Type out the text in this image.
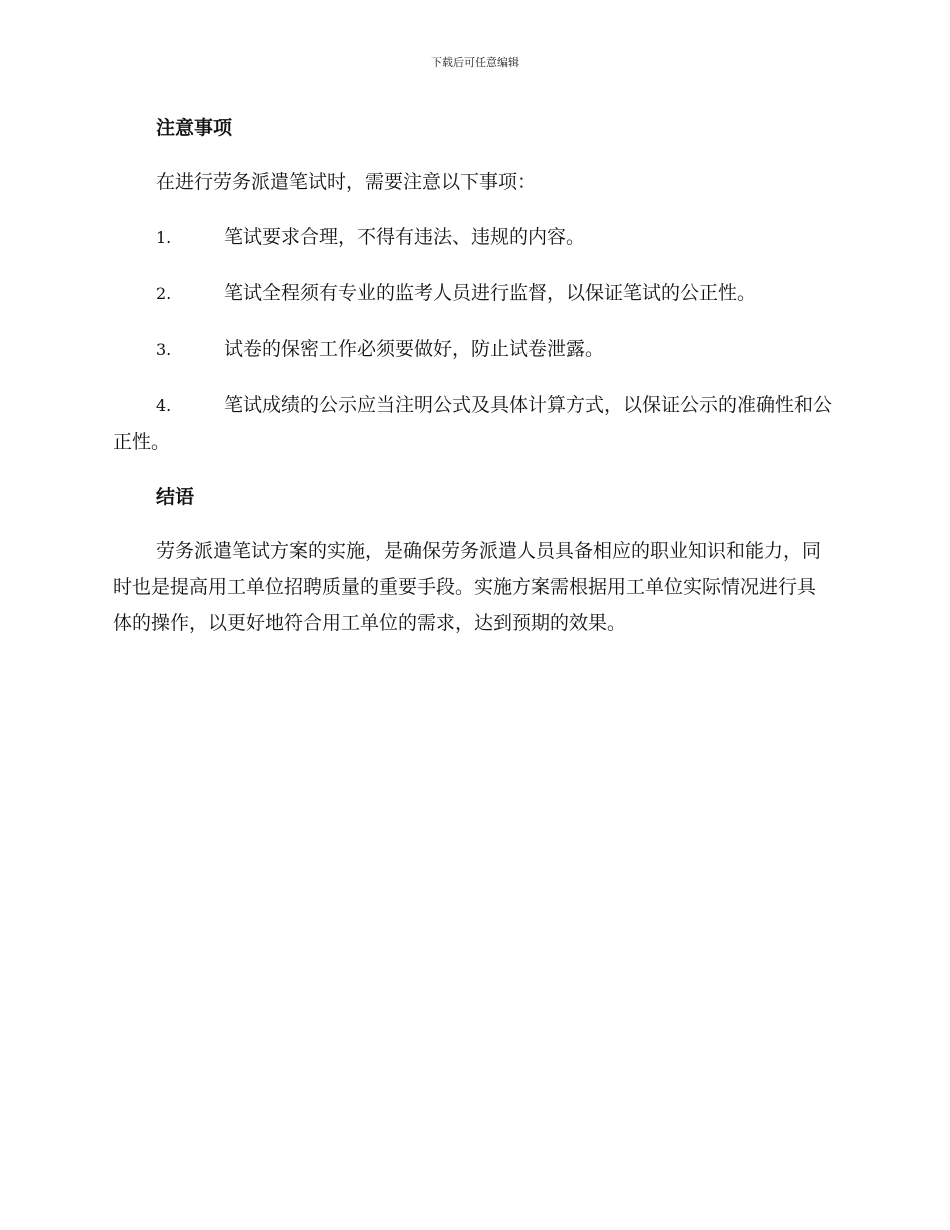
下载后可任意编辑

注意事项

在进行劳务派遣笔试时，需要注意以下事项：

1.	笔试要求合理，不得有违法、违规的内容。

2.	笔试全程须有专业的监考人员进行监督，以保证笔试的公正性。

3.	试卷的保密工作必须要做好，防止试卷泄露。

4.	笔试成绩的公示应当注明公式及具体计算方式，以保证公示的准确性和公正性。

结语

劳务派遣笔试方案的实施，是确保劳务派遣人员具备相应的职业知识和能力，同时也是提高用工单位招聘质量的重要手段。实施方案需根据用工单位实际情况进行具体的操作，以更好地符合用工单位的需求，达到预期的效果。
